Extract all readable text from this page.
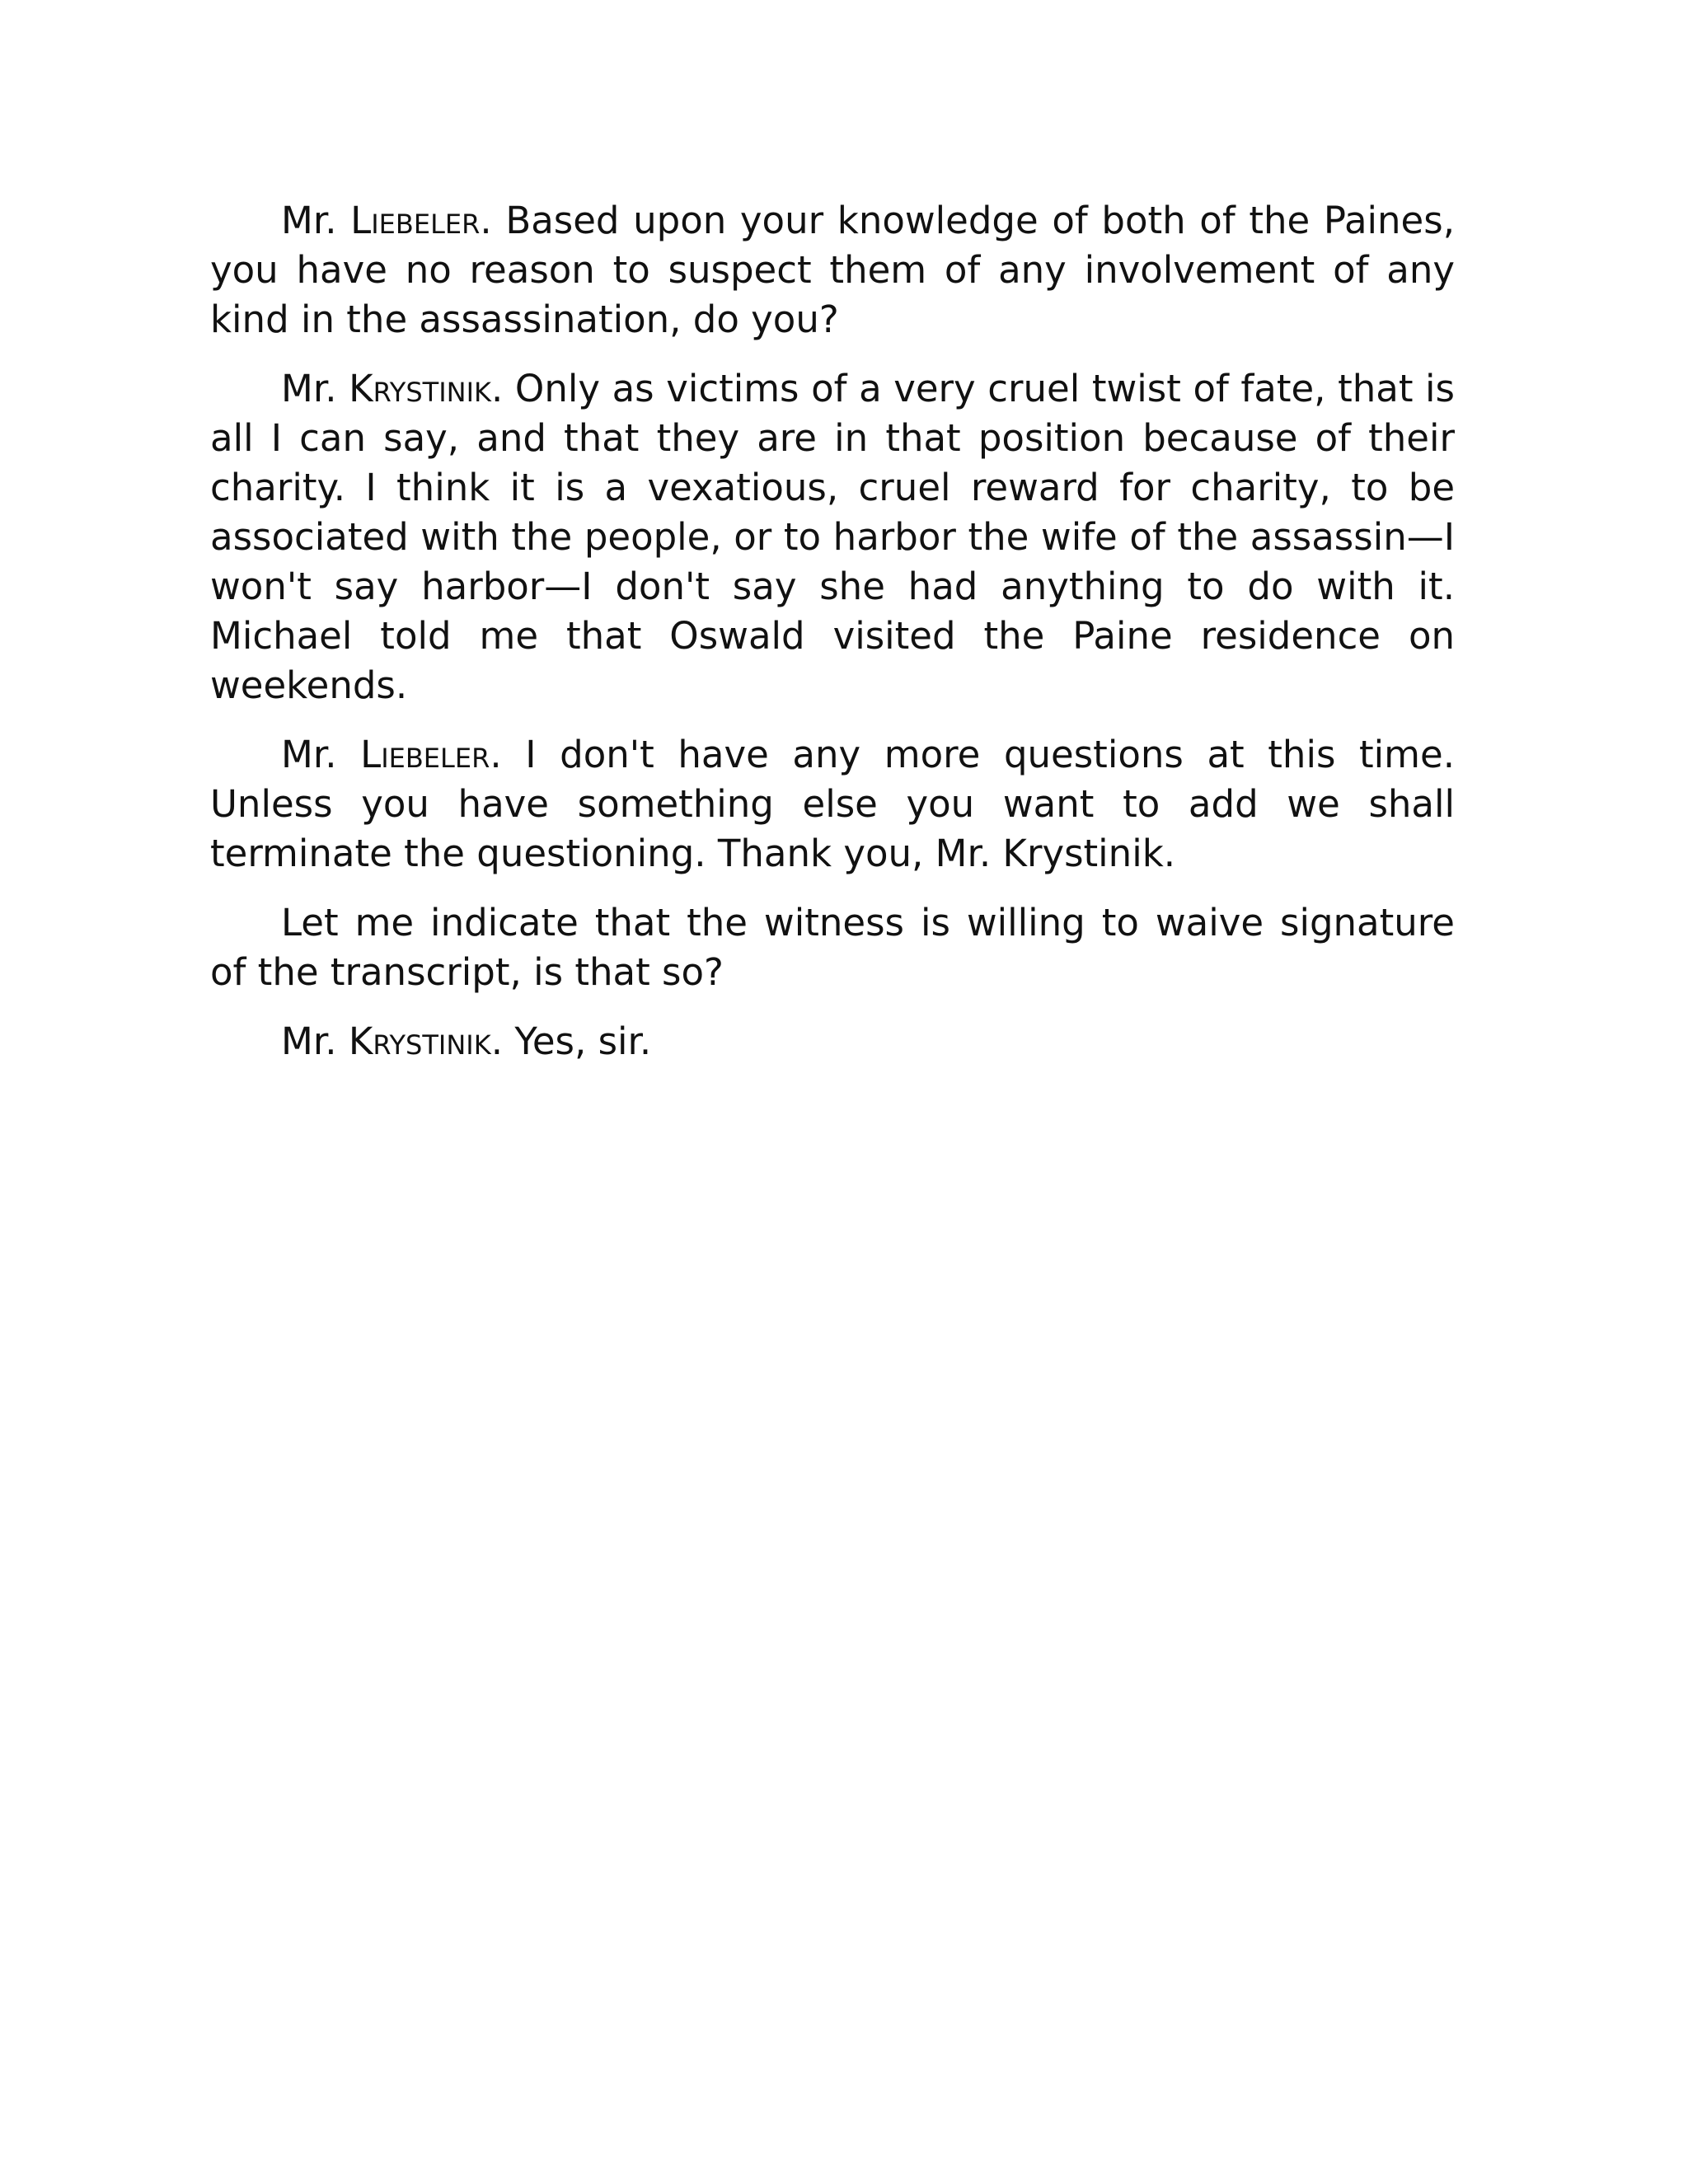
Mr. Liebeler. Based upon your knowledge of both of the Paines, you have no reason to suspect them of any involvement of any kind in the assassination, do you?

Mr. Krystinik. Only as victims of a very cruel twist of fate, that is all I can say, and that they are in that position because of their charity. I think it is a vexatious, cruel reward for charity, to be associated with the people, or to harbor the wife of the assassin—I won't say harbor—I don't say she had anything to do with it. Michael told me that Oswald visited the Paine residence on weekends.

Mr. Liebeler. I don't have any more questions at this time. Unless you have something else you want to add we shall terminate the questioning. Thank you, Mr. Krystinik.

Let me indicate that the witness is willing to waive signature of the transcript, is that so?

Mr. Krystinik. Yes, sir.
